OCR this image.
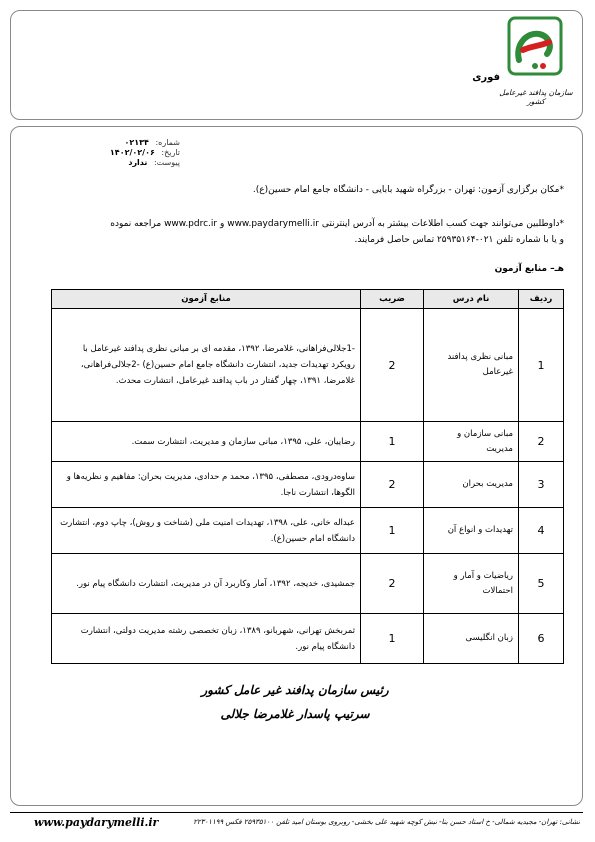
سازمان پدافند غیرعامل کشور
فوری
شماره: ۰۲۱۳۴
تاریخ: ۱۴۰۲/۰۲/۰۶
پیوست: ندارد
*مکان برگزاری آزمون: تهران - بزرگراه شهید بابایی - دانشگاه جامع امام حسین(ع).
*داوطلبین می‌توانند جهت کسب اطلاعات بیشتر به آدرس اینترنتی www.paydarymelli.ir و www.pdrc.ir مراجعه نموده
و یا با شماره تلفن ۰۲۱-۲۵۹۳۵۱۶۴ تماس حاصل فرمایند.
هـ– منابع آزمون
ردیف	نام درس	ضریب	منابع آزمون
1	مبانی نظری پدافند غیرعامل	2	-1جلالی‌فراهانی، غلامرضا، ۱۳۹۲، مقدمه ای بر مبانی نظری پدافند غیرعامل با رویکرد تهدیدات جدید، انتشارت دانشگاه جامع امام حسین(ع) -2جلالی‌فراهانی، غلامرضا، ۱۳۹۱، چهار گفتار در باب پدافند غیرعامل، انتشارت محدث.
2	مبانی سازمان و مدیریت	1	رضاییان، علی، ۱۳۹۵، مبانی سازمان و مدیریت، انتشارت سمت.
3	مدیریت بحران	2	ساوه‌درودی، مصطفی، ۱۳۹۵، محمد م حدادی، مدیریت بحران: مفاهیم و نظریه‌ها و الگوها، انتشارت ناجا.
4	تهدیدات و انواع آن	1	عبداله خانی، علی، ۱۳۹۸، تهدیدات امنیت ملی (شناخت و روش)، چاپ دوم، انتشارت دانشگاه امام حسین(ع).
5	ریاضیات و آمار و احتمالات	2	جمشیدی، خدیجه، ۱۳۹۲، آمار وکاربرد آن در مدیریت، انتشارت دانشگاه پیام نور.
6	زبان انگلیسی	1	ثمربخش تهرانی، شهربانو، ۱۳۸۹، زبان تخصصی رشته مدیریت دولتی، انتشارت دانشگاه پیام نور.
رئیس سازمان پدافند غیر عامل کشور
سرتیپ پاسدار غلامرضا جلالی
www.paydarymelli.ir	نشانی: تهران- مجیدیه شمالی- خ استاد حسن بنا- نبش کوچه شهید علی بخشی- روبروی بوستان امید تلفن ۲۵۹۳۵۱۰۰ فکس ۲۲۳۰۱۱۹۹
